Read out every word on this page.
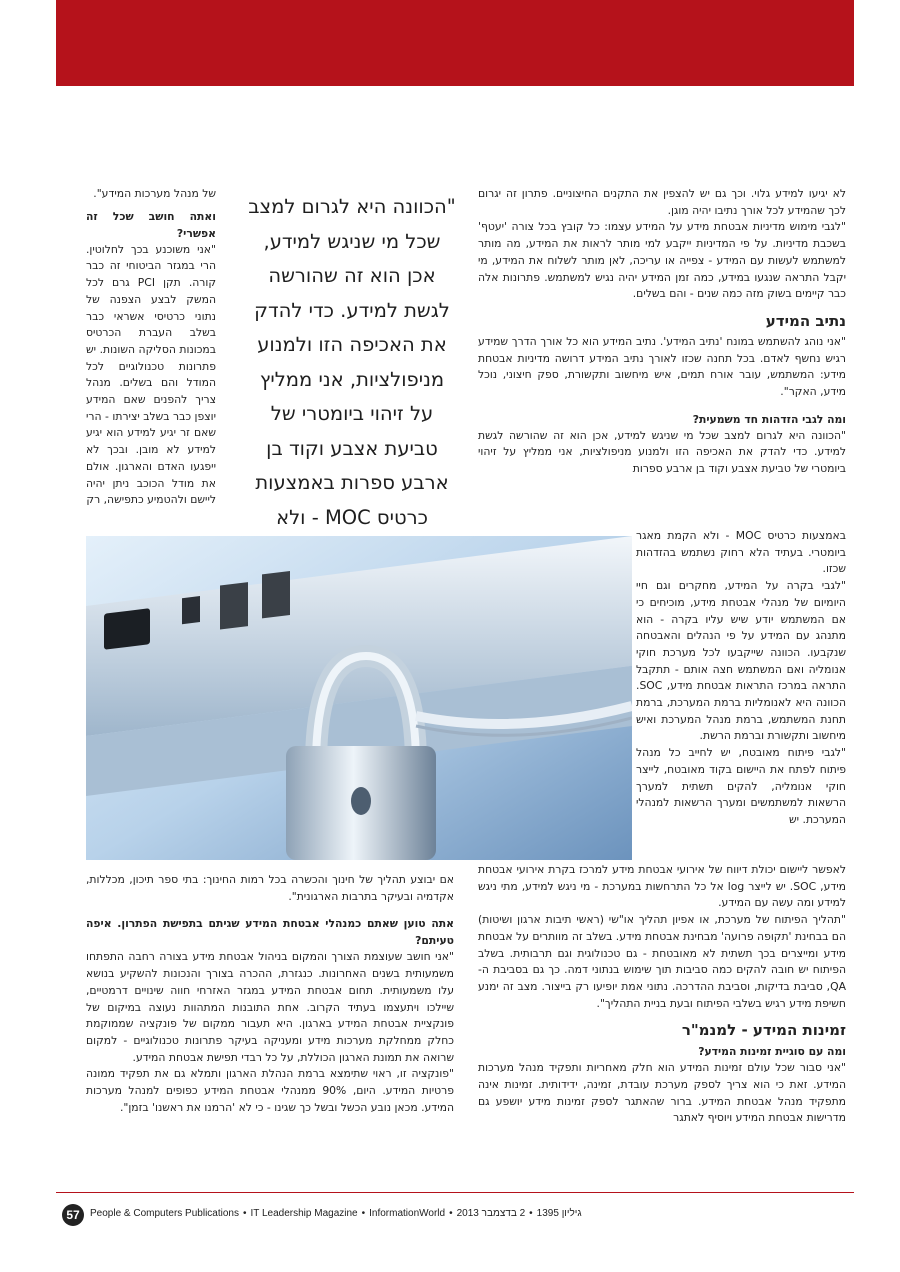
לא יגיעו למידע גלוי. וכך גם יש להצפין את התקנים החיצוניים. פתרון זה יגרום לכך שהמידע לכל אורך נתיבו יהיה מוגן.

"לגבי מימוש מדיניות אבטחת מידע על המידע עצמו: כל קובץ בכל צורה 'יעטף' בשכבת מדיניות. על פי המדיניות ייקבע למי מותר לראות את המידע, מה מותר למשתמש לעשות עם המידע - צפייה או עריכה, לאן מותר לשלוח את המידע, מי יקבל התראה שנגעו במידע, כמה זמן המידע יהיה נגיש למשתמש. פתרונות אלה כבר קיימים בשוק מזה כמה שנים - והם בשלים.

נתיב המידע

"אני נוהג להשתמש במונח 'נתיב המידע'. נתיב המידע הוא כל אורך הדרך שמידע רגיש נחשף לאדם. בכל תחנה שכזו לאורך נתיב המידע דרושה מדיניות אבטחת מידע: המשתמש, עובר אורח תמים, איש מיחשוב ותקשורת, ספק חיצוני, נוכל מידע, האקר".

ומה לגבי הזדהות חד משמעית?

"הכוונה היא לגרום למצב שכל מי שניגש למידע, אכן הוא זה שהורשה לגשת למידע. כדי להדק את האכיפה הזו ולמנוע מניפולציות, אני ממליץ על זיהוי ביומטרי של טביעת אצבע וקוד בן ארבע ספרות

באמצעות כרטיס MOC - ולא הקמת מאגר ביומטרי. בעתיד הלא רחוק נשתמש בהזדהות שכזו.

"לגבי בקרה על המידע, מחקרים וגם חיי היומיום של מנהלי אבטחת מידע, מוכיחים כי אם המשתמש יודע שיש עליו בקרה - הוא מתנהג עם המידע על פי הנהלים והאבטחה שנקבעו. הכוונה שייקבעו לכל מערכת חוקי אנומליה ואם המשתמש חצה אותם - תתקבל התראה במרכז התראות אבטחת מידע, SOC. הכוונה היא לאנומליות ברמת המערכת, ברמת תחנת המשתמש, ברמת מנהל המערכת ואיש מיחשוב ותקשורת וברמת הרשת.

"לגבי פיתוח מאובטח, יש לחייב כל מנהל פיתוח לפתח את היישום בקוד מאובטח, לייצר חוקי אנומליה, להקים תשתית למערך הרשאות למשתמשים ומערך הרשאות למנהלי המערכת. יש

לאפשר ליישום יכולת דיווח של אירועי אבטחת מידע למרכז בקרת אירועי אבטחת מידע, SOC. יש לייצר log אל כל התרחשות במערכת - מי ניגש למידע, מתי ניגש למידע ומה עשה עם המידע.

"תהליך הפיתוח של מערכת, או אפיון תהליך או"שי (ראשי תיבות ארגון ושיטות) הם בבחינת 'תקופה פרועה' מבחינת אבטחת מידע. בשלב זה מוותרים על אבטחת מידע ומייצרים בכך תשתית לא מאובטחת - גם טכנולוגית וגם תרבותית. בשלב הפיתוח יש חובה להקים כמה סביבות תוך שימוש בנתוני דמה. כך גם בסביבת ה-QA, סביבת בדיקות, וסביבת ההדרכה. נתוני אמת יופיעו רק בייצור. מצב זה ימנע חשיפת מידע רגיש בשלבי הפיתוח ובעת בניית התהליך".

זמינות המידע - למנמ"ר
ומה עם סוגיית זמינות המידע?

"אני סבור שכל עולם זמינות המידע הוא חלק מאחריות ותפקיד מנהל מערכות המידע. זאת כי הוא צריך לספק מערכת עובדת, זמינה, ידידותית. זמינות אינה מתפקיד מנהל אבטחת המידע. ברור שהאתגר לספק זמינות מידע יושפע גם מדרישות אבטחת המידע ויוסיף לאתגר

"הכוונה היא לגרום למצב שכל מי שניגש למידע, אכן הוא זה שהורשה לגשת למידע. כדי להדק את האכיפה הזו ולמנוע מניפולציות, אני ממליץ על זיהוי ביומטרי של טביעת אצבע וקוד בן ארבע ספרות באמצעות כרטיס MOC - ולא

של מנהל מערכות המידע".

ואתה חושב שכל זה אפשרי?

"אני משוכנע בכך לחלוטין. הרי במגזר הביטוחי זה כבר קורה. תקן PCI גרם לכל המשק לבצע הצפנה של נתוני כרטיסי אשראי כבר בשלב העברת הכרטיס במכונות הסליקה השונות. יש פתרונות טכנולוגיים לכל המודל והם בשלים. מנהל צריך להפנים שאם המידע יוצפן כבר בשלב יצירתו - הרי שאם זר יגיע למידע הוא יגיע למידע לא מובן. ובכך לא ייפגעו האדם והארגון. אולם את מודל הכוכב ניתן יהיה ליישם ולהטמיע כתפישה, רק

אם יבוצע תהליך של חינוך והכשרה בכל רמות החינוך: בתי ספר תיכון, מכללות, אקדמיה ובעיקר בתרבות הארגונית".

אתה טוען שאתם כמנהלי אבטחת המידע שגיתם בתפישת הפתרון. איפה טעיתם?

"אני חושב שעוצמת הצורך והמקום בניהול אבטחת מידע בצורה רחבה התפתחו משמעותית בשנים האחרונות. כנגזרת, ההכרה בצורך והנכונות להשקיע בנושא עלו משמעותית. תחום אבטחת המידע במגזר האזרחי חווה שינויים דרמטיים, שיילכו ויתעצמו בעתיד הקרוב. אחת התובנות המתהוות נעוצה במיקום של פונקציית אבטחת המידע בארגון. היא תעבור ממקום של פונקציה שממוקמת כחלק ממחלקת מערכות מידע ומעניקה בעיקר פתרונות טכנולוגיים - למקום שרואה את תמונת הארגון הכוללת, על כל רבדי תפישת אבטחת המידע.

"פונקציה זו, ראוי שתימצא ברמת הנהלת הארגון ותמלא גם את תפקיד ממונה פרטיות המידע. היום, 90% ממנהלי אבטחת המידע כפופים למנהל מערכות המידע. מכאן נובע הכשל ובשל כך שגינו - כי לא 'הרמנו את ראשנו' בזמן".

57	People & Computers Publications • IT Leadership Magazine • InformationWorld • 2 בדצמבר 2013 • גיליון 1395
